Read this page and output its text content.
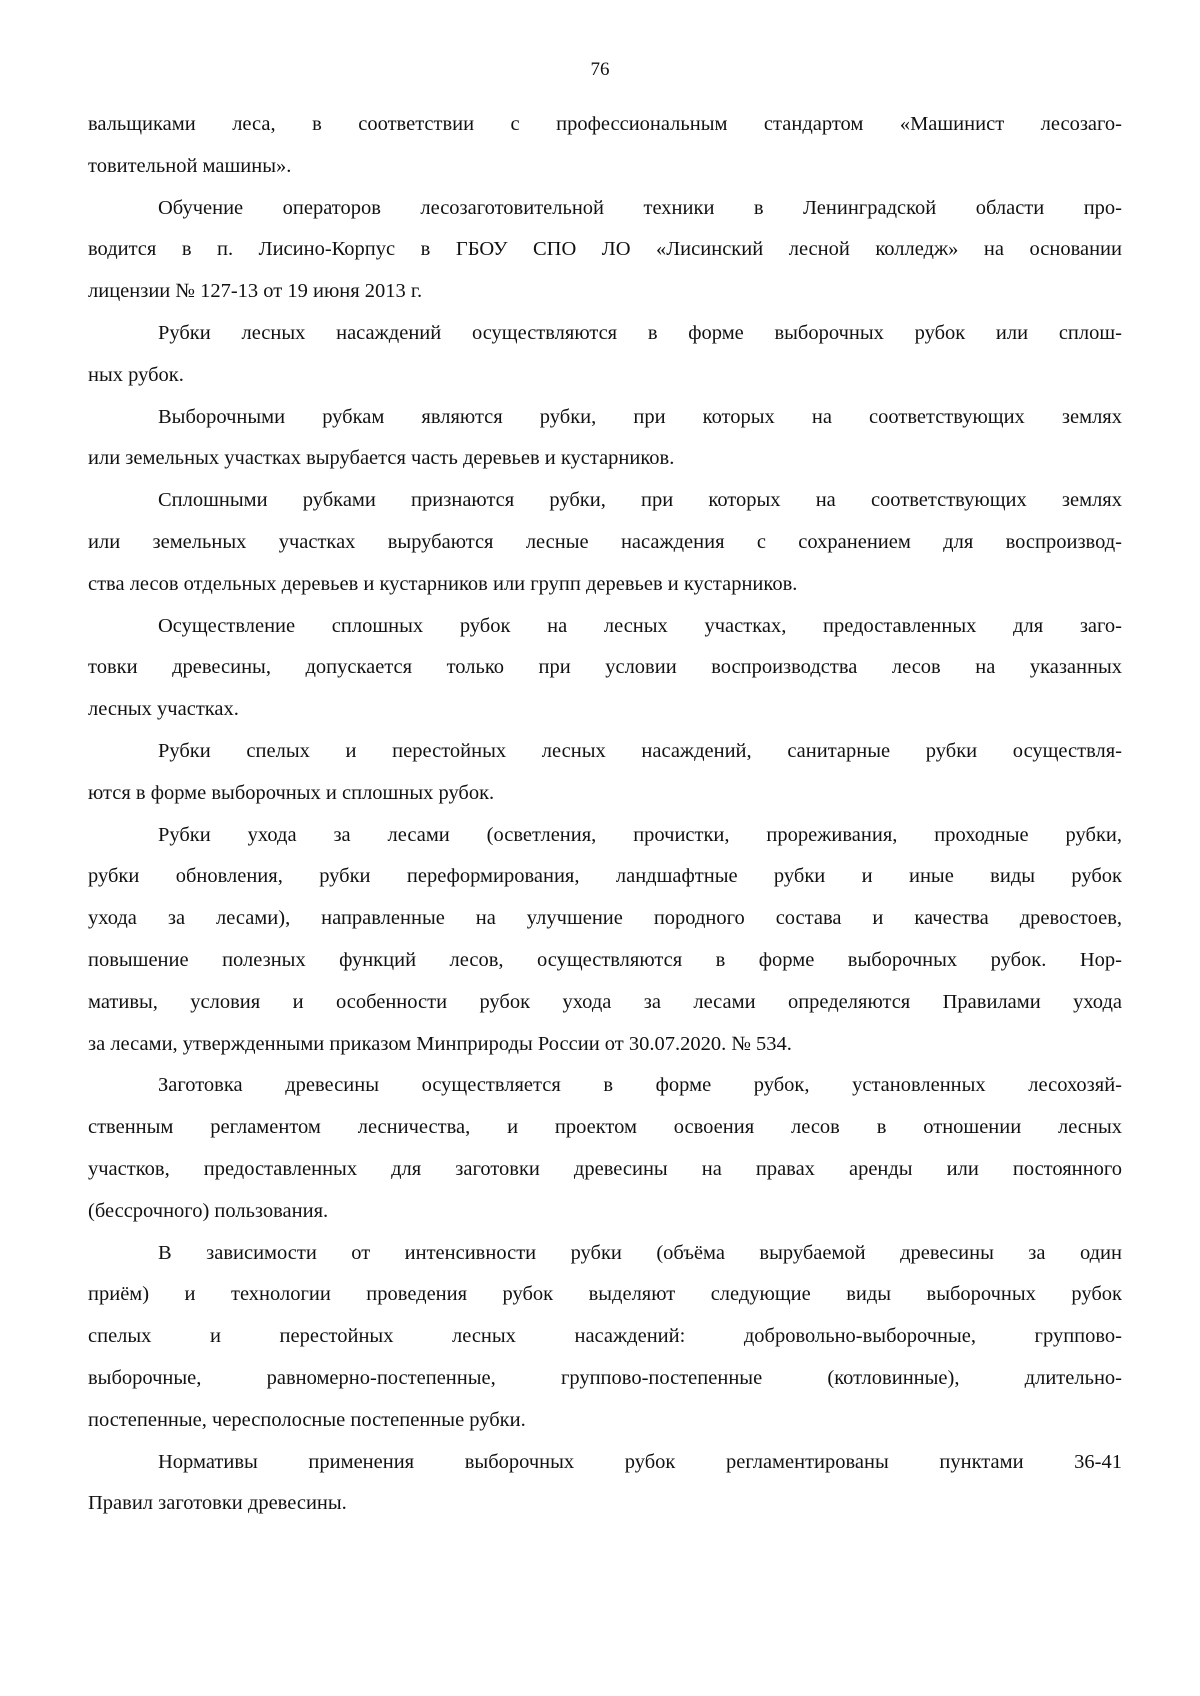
76
вальщиками леса, в соответствии с профессиональным стандартом «Машинист лесозаго-
товительной машины».
Обучение операторов лесозаготовительной техники в Ленинградской области про-
водится в п. Лисино-Корпус в ГБОУ СПО ЛО «Лисинский лесной колледж» на основании
лицензии № 127-13 от 19 июня 2013 г.
Рубки лесных насаждений осуществляются в форме выборочных рубок или сплош-
ных рубок.
Выборочными рубкам являются рубки, при которых на соответствующих землях
или земельных участках вырубается часть деревьев и кустарников.
Сплошными рубками признаются рубки, при которых на соответствующих землях
или земельных участках вырубаются лесные насаждения с сохранением для воспроизвод-
ства лесов отдельных деревьев и кустарников или групп деревьев и кустарников.
Осуществление сплошных рубок на лесных участках, предоставленных для заго-
товки древесины, допускается только при условии воспроизводства лесов на указанных
лесных участках.
Рубки спелых и перестойных лесных насаждений, санитарные рубки осуществля-
ются в форме выборочных и сплошных рубок.
Рубки ухода за лесами (осветления, прочистки, прореживания, проходные рубки,
рубки обновления, рубки переформирования, ландшафтные рубки и иные виды рубок
ухода за лесами), направленные на улучшение породного состава и качества древостоев,
повышение полезных функций лесов, осуществляются в форме выборочных рубок. Нор-
мативы, условия и особенности рубок ухода за лесами определяются Правилами ухода
за лесами, утвержденными приказом Минприроды России от 30.07.2020. № 534.
Заготовка древесины осуществляется в форме рубок, установленных лесохозяй-
ственным регламентом лесничества, и проектом освоения лесов в отношении лесных
участков, предоставленных для заготовки древесины на правах аренды или постоянного
(бессрочного) пользования.
В зависимости от интенсивности рубки (объёма вырубаемой древесины за один
приём) и технологии проведения рубок выделяют следующие виды выборочных рубок
спелых и перестойных лесных насаждений: добровольно-выборочные, группово-
выборочные, равномерно-постепенные, группово-постепенные (котловинные), длительно-
постепенные, чересполосные постепенные рубки.
Нормативы применения выборочных рубок регламентированы пунктами 36-41
Правил заготовки древесины.
